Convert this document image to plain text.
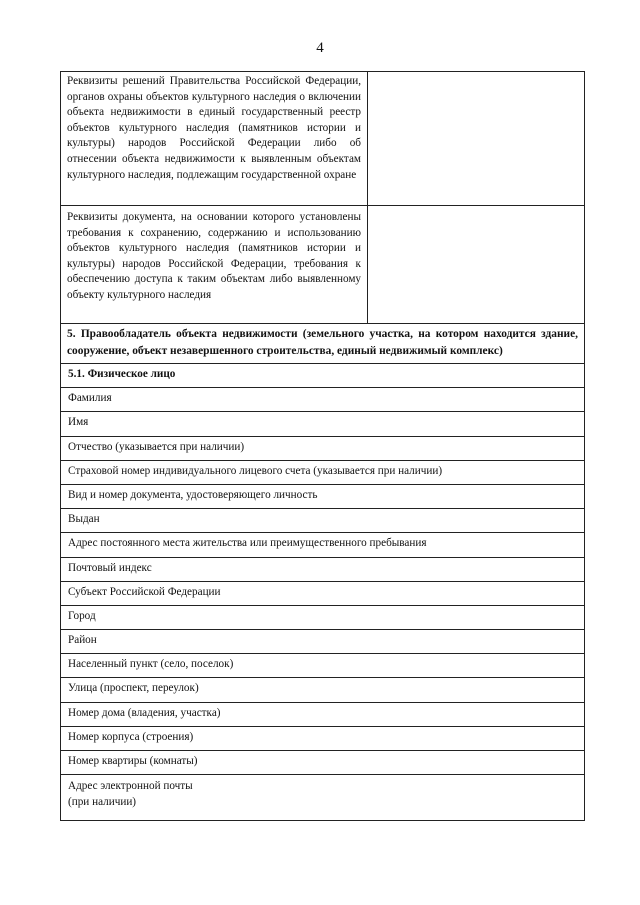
4
Реквизиты решений Правительства Российской Федерации, органов охраны объектов культурного наследия о включении объекта недвижимости в единый государственный реестр объектов культурного наследия (памятников истории и культуры) народов Российской Федерации либо об отнесении объекта недвижимости к выявленным объектам культурного наследия, подлежащим государственной охране
Реквизиты документа, на основании которого установлены требования к сохранению, содержанию и использованию объектов культурного наследия (памятников истории и культуры) народов Российской Федерации, требования к обеспечению доступа к таким объектам либо выявленному объекту культурного наследия
5. Правообладатель объекта недвижимости (земельного участка, на котором находится здание, сооружение, объект незавершенного строительства, единый недвижимый комплекс)
5.1. Физическое лицо
Фамилия
Имя
Отчество (указывается при наличии)
Страховой номер индивидуального лицевого счета (указывается при наличии)
Вид и номер документа, удостоверяющего личность
Выдан
Адрес постоянного места жительства или преимущественного пребывания
Почтовый индекс
Субъект Российской Федерации
Город
Район
Населенный пункт (село, поселок)
Улица (проспект, переулок)
Номер дома (владения, участка)
Номер корпуса (строения)
Номер квартиры (комнаты)
Адрес электронной почты
(при наличии)
